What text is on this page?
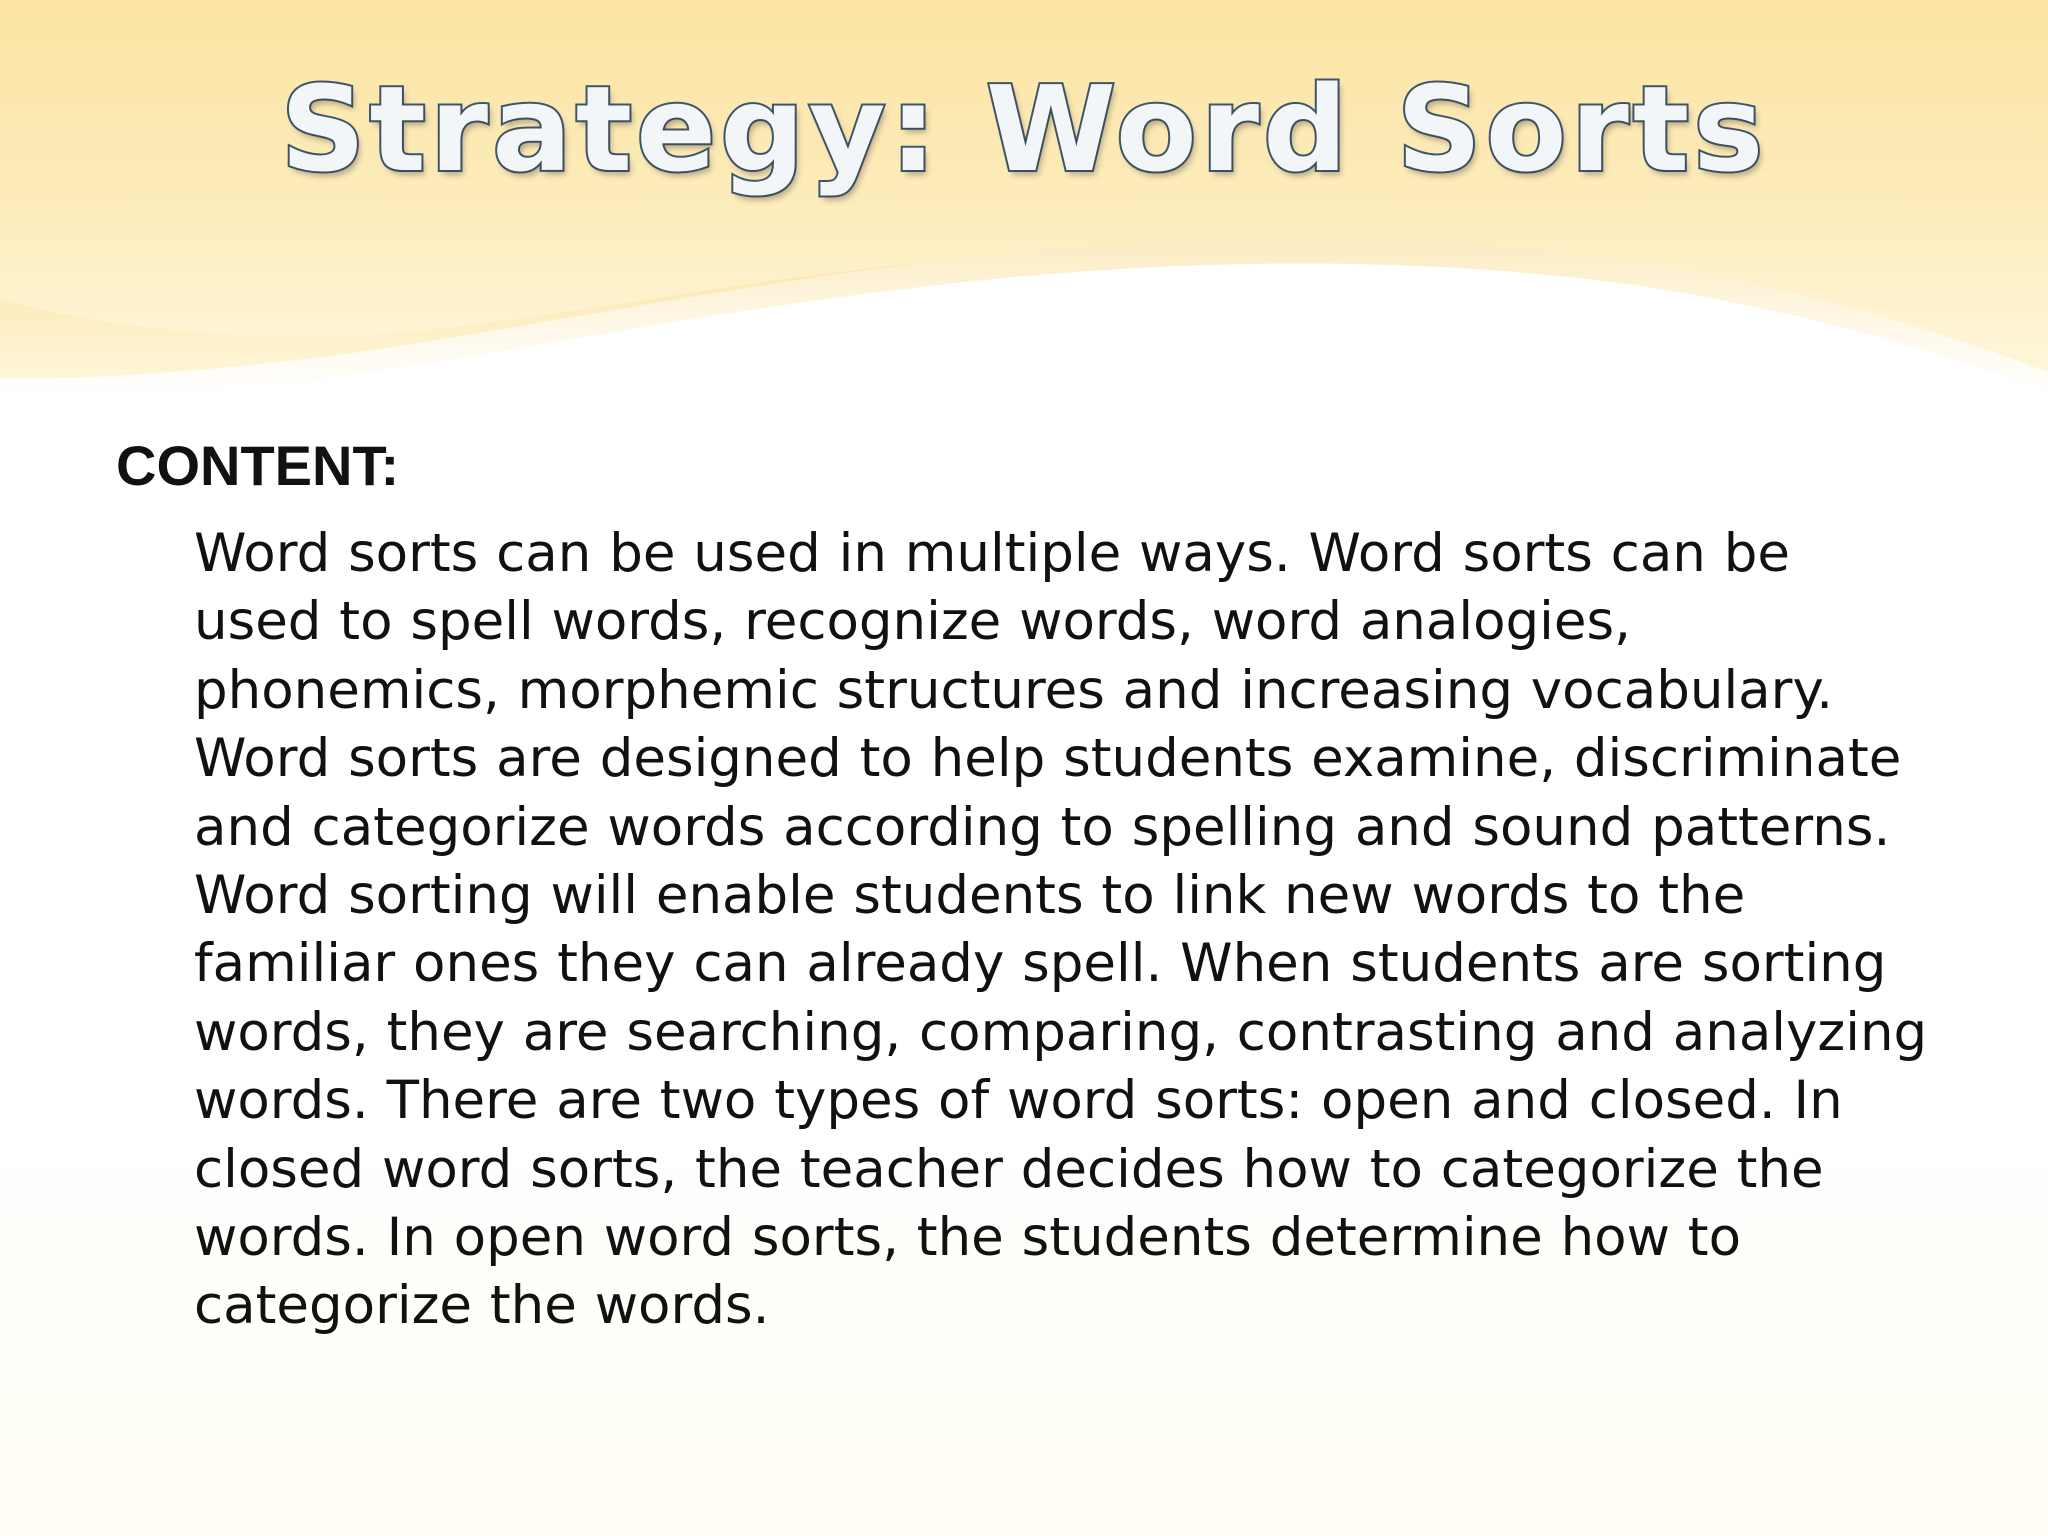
Strategy: Word Sorts

CONTENT:

Word sorts can be used in multiple ways. Word sorts can be used to spell words, recognize words, word analogies, phonemics, morphemic structures and increasing vocabulary. Word sorts are designed to help students examine, discriminate and categorize words according to spelling and sound patterns. Word sorting will enable students to link new words to the familiar ones they can already spell. When students are sorting words, they are searching, comparing, contrasting and analyzing words. There are two types of word sorts: open and closed. In closed word sorts, the teacher decides how to categorize the words. In open word sorts, the students determine how to categorize the words.
